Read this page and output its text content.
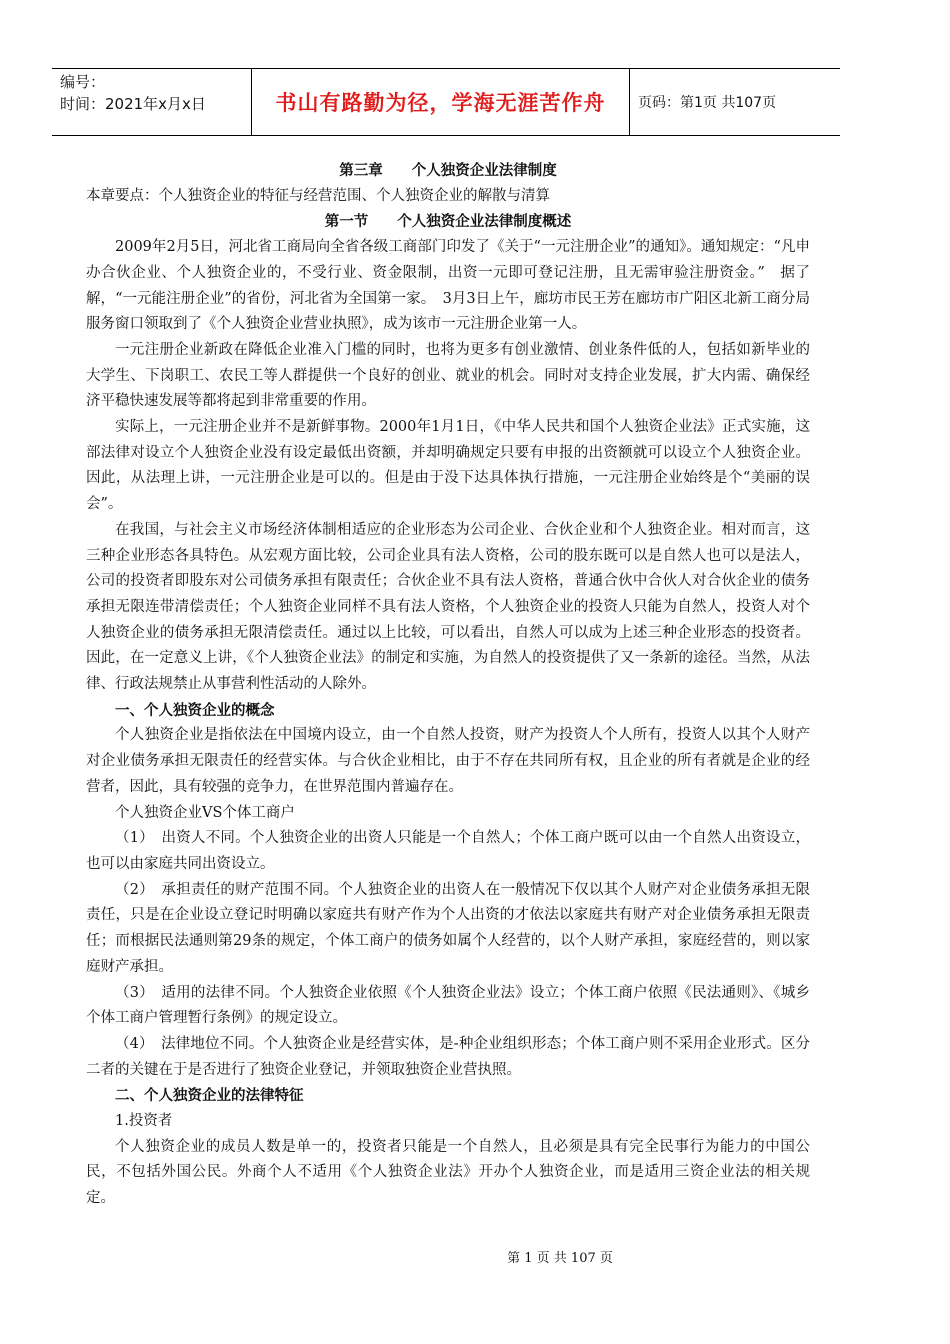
编号：
时间：2021年x月x日	书山有路勤为径，学海无涯苦作舟	页码：第1页 共107页

第三章　　个人独资企业法律制度

本章要点：个人独资企业的特征与经营范围、个人独资企业的解散与清算

第一节　　个人独资企业法律制度概述

2009年2月5日，河北省工商局向全省各级工商部门印发了《关于“一元注册企业”的通知》。通知规定：“凡申办合伙企业、个人独资企业的，不受行业、资金限制，出资一元即可登记注册，且无需审验注册资金。”　据了解，“一元能注册企业”的省份，河北省为全国第一家。　3月3日上午，廊坊市民王芳在廊坊市广阳区北新工商分局服务窗口领取到了《个人独资企业营业执照》，成为该市一元注册企业第一人。

一元注册企业新政在降低企业准入门槛的同时，也将为更多有创业激情、创业条件低的人，包括如新毕业的大学生、下岗职工、农民工等人群提供一个良好的创业、就业的机会。同时对支持企业发展，扩大内需、确保经济平稳快速发展等都将起到非常重要的作用。

实际上，一元注册企业并不是新鲜事物。2000年1月1日，《中华人民共和国个人独资企业法》正式实施，这部法律对设立个人独资企业没有设定最低出资额，并却明确规定只要有申报的出资额就可以设立个人独资企业。因此，从法理上讲，一元注册企业是可以的。但是由于没下达具体执行措施，一元注册企业始终是个“美丽的误会”。

在我国，与社会主义市场经济体制相适应的企业形态为公司企业、合伙企业和个人独资企业。相对而言，这三种企业形态各具特色。从宏观方面比较，公司企业具有法人资格，公司的股东既可以是自然人也可以是法人，公司的投资者即股东对公司债务承担有限责任；合伙企业不具有法人资格，普通合伙中合伙人对合伙企业的债务承担无限连带清偿责任；个人独资企业同样不具有法人资格，个人独资企业的投资人只能为自然人，投资人对个人独资企业的债务承担无限清偿责任。通过以上比较，可以看出，自然人可以成为上述三种企业形态的投资者。因此，在一定意义上讲，《个人独资企业法》的制定和实施，为自然人的投资提供了又一条新的途径。当然，从法律、行政法规禁止从事营利性活动的人除外。

一、个人独资企业的概念

个人独资企业是指依法在中国境内设立，由一个自然人投资，财产为投资人个人所有，投资人以其个人财产对企业债务承担无限责任的经营实体。与合伙企业相比，由于不存在共同所有权，且企业的所有者就是企业的经营者，因此，具有较强的竞争力，在世界范围内普遍存在。

个人独资企业VS个体工商户

（1）　出资人不同。个人独资企业的出资人只能是一个自然人；个体工商户既可以由一个自然人出资设立，也可以由家庭共同出资设立。

（2）　承担责任的财产范围不同。个人独资企业的出资人在一般情况下仅以其个人财产对企业债务承担无限责任，只是在企业设立登记时明确以家庭共有财产作为个人出资的才依法以家庭共有财产对企业债务承担无限责任；而根据民法通则第29条的规定，个体工商户的债务如属个人经营的，以个人财产承担，家庭经营的，则以家庭财产承担。

（3）　适用的法律不同。个人独资企业依照《个人独资企业法》设立；个体工商户依照《民法通则》、《城乡个体工商户管理暂行条例》的规定设立。

（4）　法律地位不同。个人独资企业是经营实体，是-种企业组织形态；个体工商户则不采用企业形式。区分二者的关键在于是否进行了独资企业登记，并领取独资企业营执照。

二、个人独资企业的法律特征

1.投资者

个人独资企业的成员人数是单一的，投资者只能是一个自然人，且必须是具有完全民事行为能力的中国公民，不包括外国公民。外商个人不适用《个人独资企业法》开办个人独资企业，而是适用三资企业法的相关规定。

第 1 页 共 107 页
